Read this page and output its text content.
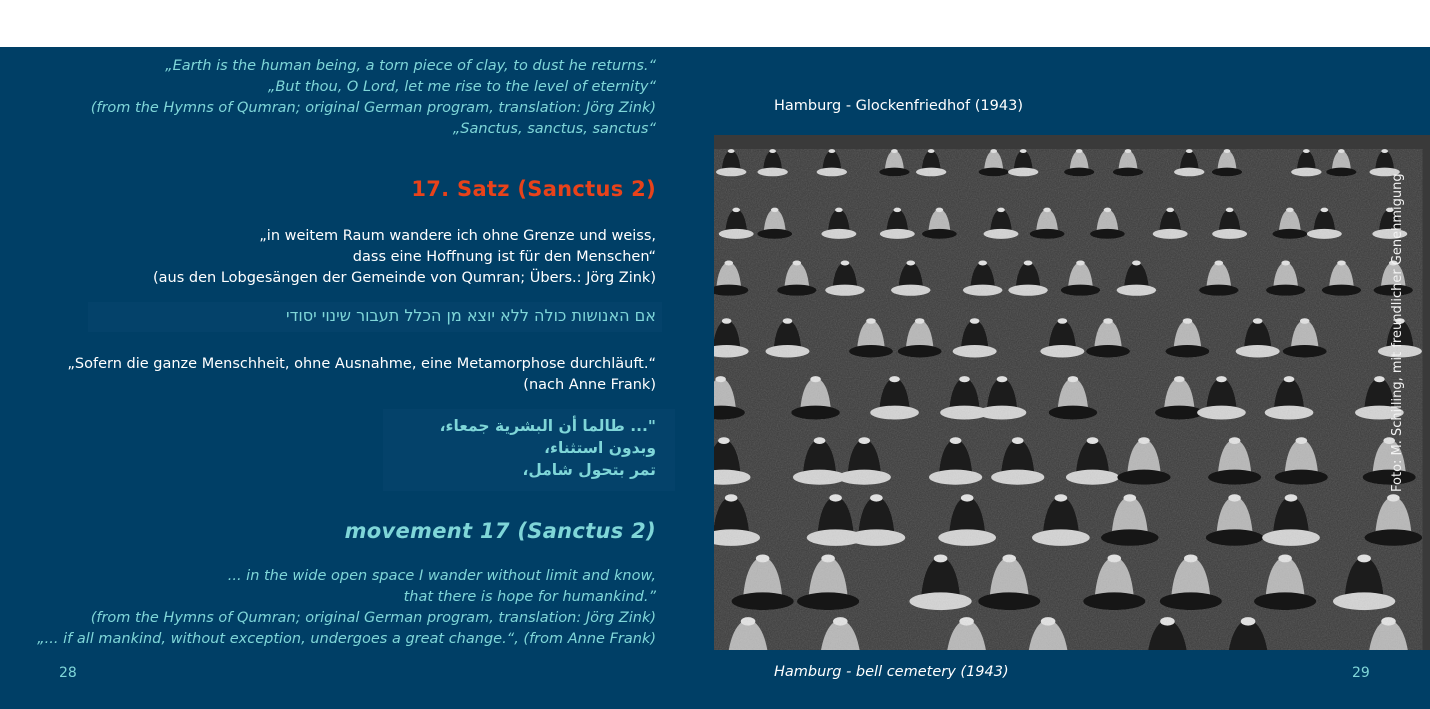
„Earth is the human being, a torn piece of clay, to dust he returns.“
„But thou, O Lord, let me rise to the level of eternity“
(from the Hymns of Qumran; original German program, translation: Jörg Zink)
„Sanctus, sanctus, sanctus“
17. Satz (Sanctus 2)
„in weitem Raum wandere ich ohne Grenze und weiss,
dass eine Hoffnung ist für den Menschen“
(aus den Lobgesängen der Gemeinde von Qumran; Übers.: Jörg Zink)
אם האנושות כולה ללא יוצא מן הכלל תעבור שינוי יסודי
„Sofern die ganze Menschheit, ohne Ausnahme, eine Metamorphose durchläuft.“
(nach Anne Frank)
"... طالما أن البشرية جمعاء،
وبدون استثناء،
تمر بتحول شامل،
movement 17 (Sanctus 2)
... in the wide open space I wander without limit and know,
that there is hope for humankind.”
(from the Hymns of Qumran; original German program, translation: Jörg Zink)
„... if all mankind, without exception, undergoes a great change.“, (from Anne Frank)
28
Hamburg - Glockenfriedhof (1943)
Foto: M. Schilling, mit freundlicher Genehmigung
Hamburg - bell cemetery (1943)	29
